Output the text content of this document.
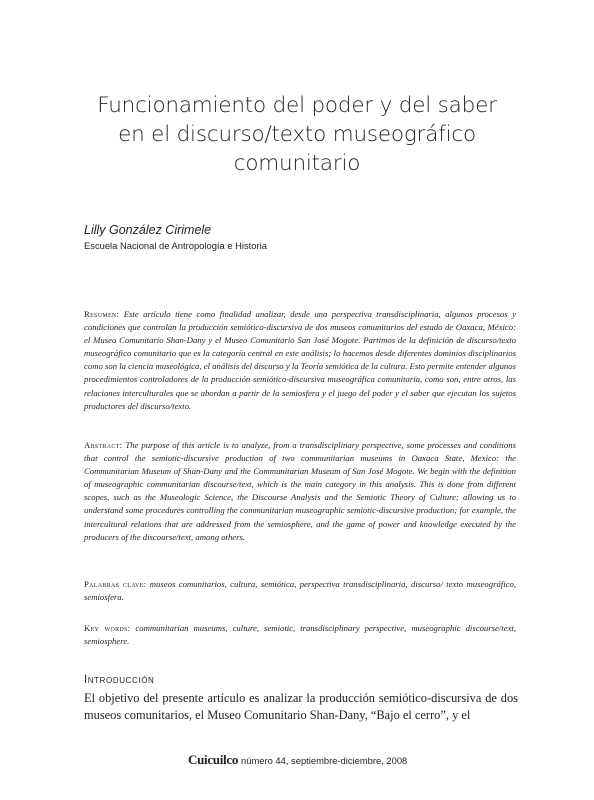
Funcionamiento del poder y del saber
en el discurso/texto museográfico
comunitario
Lilly González Cirimele
Escuela Nacional de Antropología e Historia
Resumen: Este artículo tiene como finalidad analizar, desde una perspectiva transdisciplinaria, algunos procesos y condiciones que controlan la producción semiótico-discursiva de dos museos comunitarios del estado de Oaxaca, México: el Museo Comunitario Shan-Dany y el Museo Comunitario San José Mogote. Partimos de la definición de discurso/texto museográfico comunitario que es la categoría central en este análisis; lo hacemos desde diferentes dominios disciplinarios como son la ciencia museológica, el análisis del discurso y la Teoría semiótica de la cultura. Esto permite entender algunos procedimientos controladores de la producción semiótico-discursiva museográfica comunitaria, como son, entre otros, las relaciones interculturales que se abordan a partir de la semiosfera y el juego del poder y el saber que ejecutan los sujetos productores del discurso/texto.
Abstract: The purpose of this article is to analyze, from a transdisciplinary perspective, some processes and conditions that control the semiotic-discursive production of two communitarian museums in Oaxaca State, Mexico: the Communitarian Museum of Shan-Dany and the Communitarian Museum of San José Mogote. We begin with the definition of museographic communitarian discourse/text, which is the main category in this analysis. This is done from different scopes, such as the Museologic Science, the Discourse Analysis and the Semiotic Theory of Culture; allowing us to understand some procedures controlling the communitarian museographic semiotic-discursive production; for example, the intercultural relations that are addressed from the semiosphere, and the game of power and knowledge executed by the producers of the discourse/text, among others.
Palabras clave: museos comunitarios, cultura, semiótica, perspectiva transdisciplinaria, discurso/ texto museográfico, semiosfera.
Key words: communitarian museums, culture, semiotic, transdisciplinary perspective, museographic discourse/text, semiosphere.
Introducción
El objetivo del presente artículo es analizar la producción semiótico-discursiva de dos museos comunitarios, el Museo Comunitario Shan-Dany, “Bajo el cerro”, y el
Cuicuilco número 44, septiembre-diciembre, 2008
